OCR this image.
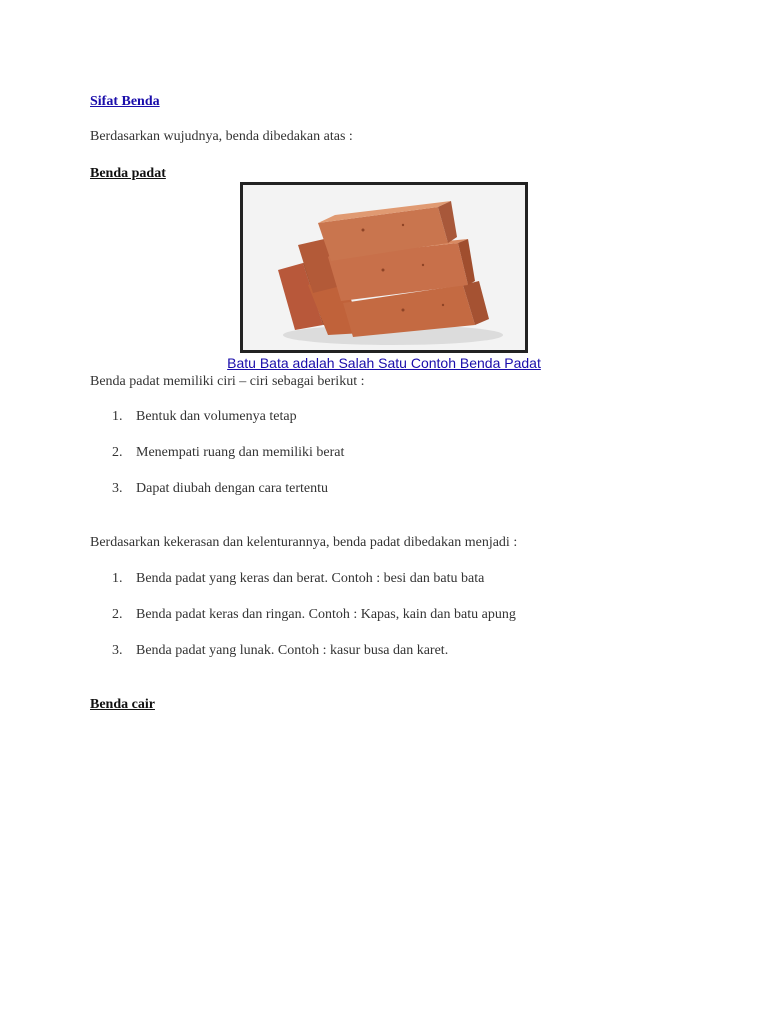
Sifat Benda
Berdasarkan wujudnya, benda dibedakan atas :
Benda padat
Batu Bata adalah Salah Satu Contoh Benda Padat
Benda padat memiliki ciri – ciri sebagai berikut :
1. Bentuk dan volumenya tetap
2. Menempati ruang dan memiliki berat
3. Dapat diubah dengan cara tertentu
Berdasarkan kekerasan dan kelenturannya, benda padat dibedakan menjadi :
1. Benda padat yang keras dan berat. Contoh : besi dan batu bata
2. Benda padat keras dan ringan. Contoh : Kapas, kain dan batu apung
3. Benda padat yang lunak. Contoh : kasur busa dan karet.
Benda cair
